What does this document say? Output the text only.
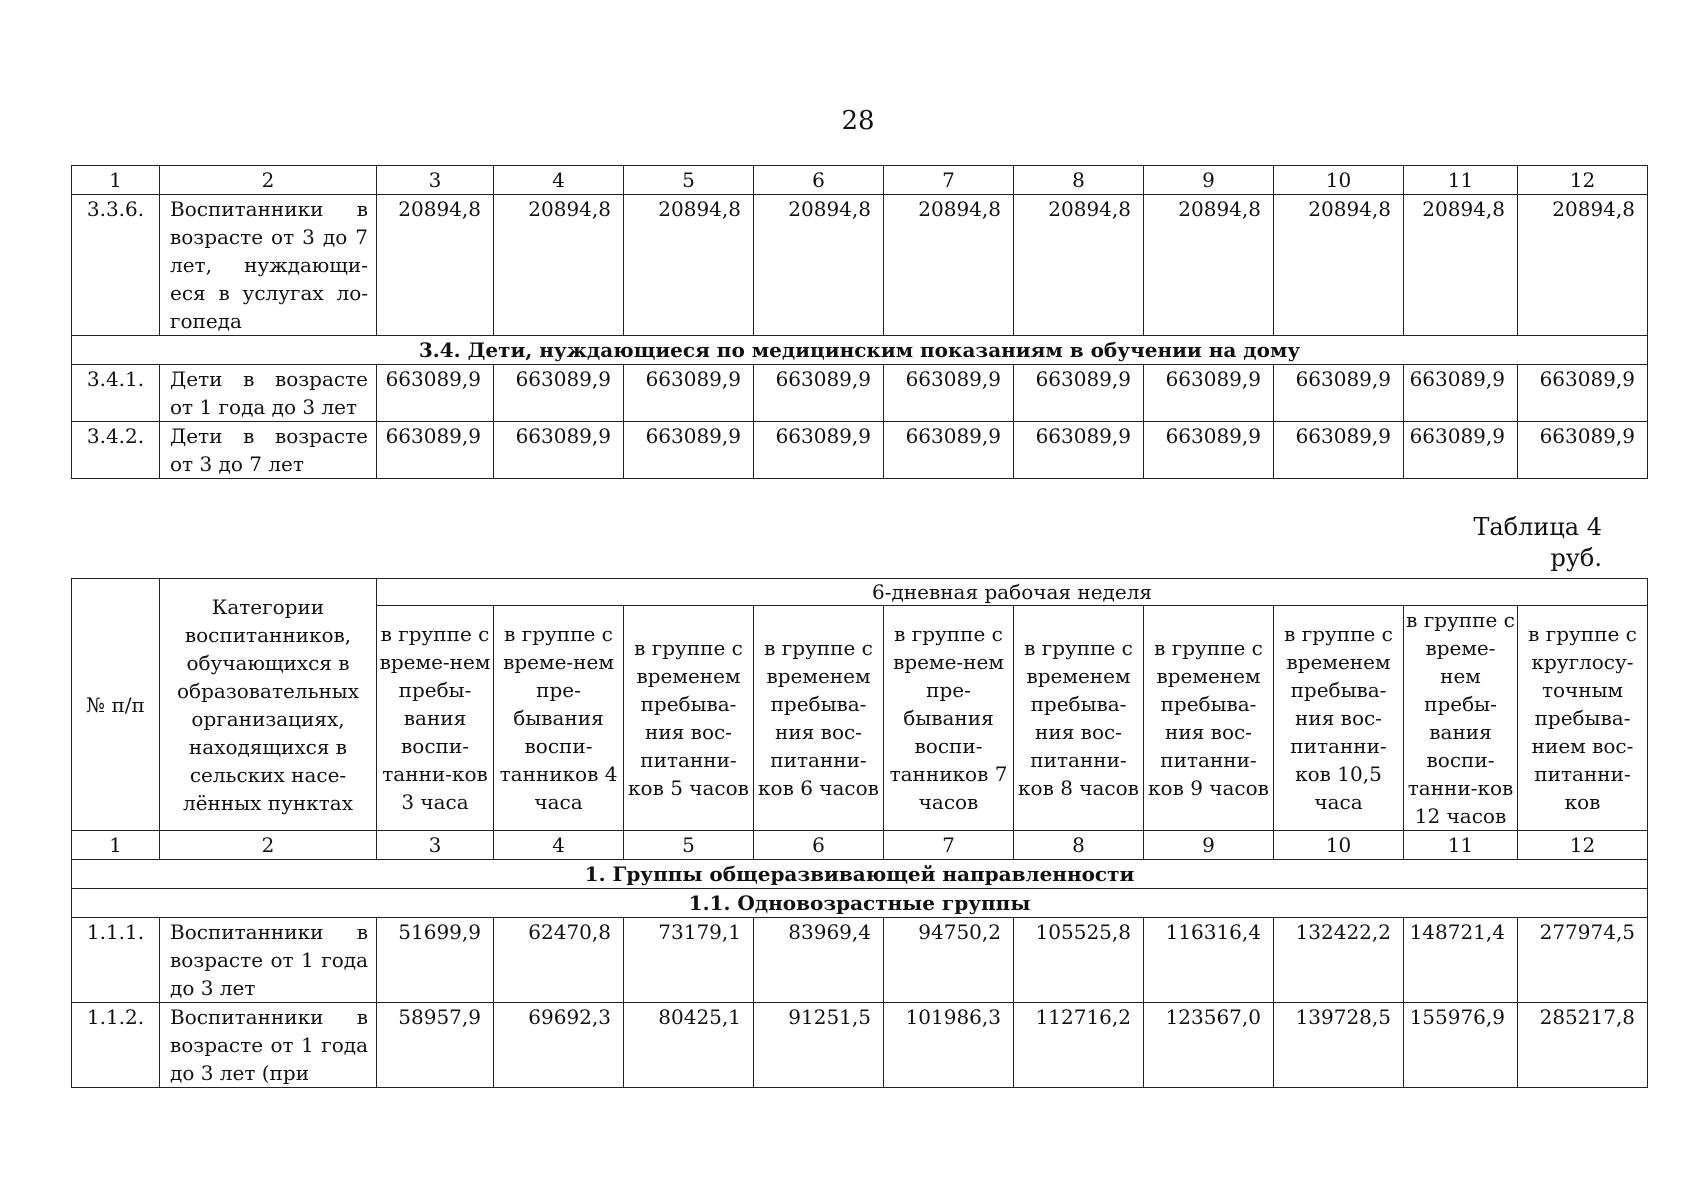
28
1	2	3	4	5	6	7	8	9	10	11	12
3.3.6.	Воспитанники в возрасте от 3 до 7 лет, нуждающи-еся в услугах ло-гопеда	20894,8	20894,8	20894,8	20894,8	20894,8	20894,8	20894,8	20894,8	20894,8	20894,8
3.4. Дети, нуждающиеся по медицинским показаниям в обучении на дому											
3.4.1.	Дети в возрасте от 1 года до 3 лет	663089,9	663089,9	663089,9	663089,9	663089,9	663089,9	663089,9	663089,9	663089,9	663089,9
3.4.2.	Дети в возрасте от 3 до 7 лет	663089,9	663089,9	663089,9	663089,9	663089,9	663089,9	663089,9	663089,9	663089,9	663089,9
Таблица 4
руб.
№ п/п	Категории воспитанников, обучающихся в образовательных организациях, находящихся в сельских насе-лённых пунктах	6-дневная рабочая неделя									
		в группе с време-нем пребы-вания воспи-танни-ков 3 часа	в группе с време-нем пре-бывания воспи-танников 4 часа	в группе с временем пребыва-ния вос-питанни-ков 5 часов	в группе с временем пребыва-ния вос-питанни-ков 6 часов	в группе с време-нем пре-бывания воспи-танников 7 часов	в группе с временем пребыва-ния вос-питанни-ков 8 часов	в группе с временем пребыва-ния вос-питанни-ков 9 часов	в группе с временем пребыва-ния вос-питанни-ков 10,5 часа	в группе с време-нем пребы-вания воспи-танни-ков 12 часов	в группе с круглосу-точным пребыва-нием вос-питанни-ков
1	2	3	4	5	6	7	8	9	10	11	12
1. Группы общеразвивающей направленности											
1.1. Одновозрастные группы											
1.1.1.	Воспитанники в возрасте от 1 года до 3 лет	51699,9	62470,8	73179,1	83969,4	94750,2	105525,8	116316,4	132422,2	148721,4	277974,5
1.1.2.	Воспитанники в возрасте от 1 года до 3 лет (при	58957,9	69692,3	80425,1	91251,5	101986,3	112716,2	123567,0	139728,5	155976,9	285217,8
